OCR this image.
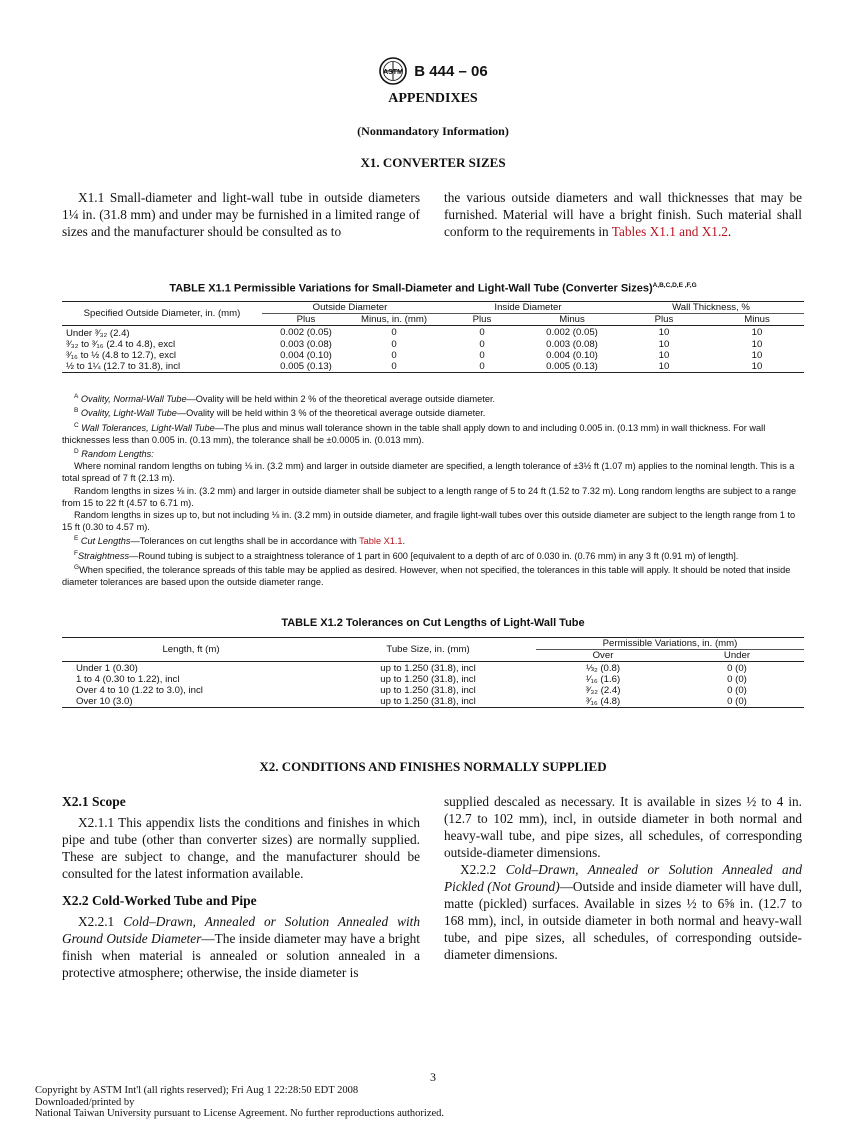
ASTM B 444 – 06
APPENDIXES
(Nonmandatory Information)
X1. CONVERTER SIZES

X1.1 Small-diameter and light-wall tube in outside diameters 1¼ in. (31.8 mm) and under may be furnished in a limited range of sizes and the manufacturer should be consulted as to

the various outside diameters and wall thicknesses that may be furnished. Material will have a bright finish. Such material shall conform to the requirements in Tables X1.1 and X1.2.

TABLE X1.1 Permissible Variations for Small-Diameter and Light-Wall Tube (Converter Sizes)$^{A,B,C,D,E ,F,G}$
Specified Outside Diameter, in. (mm)	Outside Diameter		Inside Diameter		Wall Thickness, %	
	Plus	Minus, in. (mm)	Plus	Minus	Plus	Minus
Under ³⁄₃₂ (2.4)	0.002 (0.05)	0	0	0.002 (0.05)	10	10
³⁄₃₂ to ³⁄₁₆ (2.4 to 4.8), excl	0.003 (0.08)	0	0	0.003 (0.08)	10	10
³⁄₁₆ to ½ (4.8 to 12.7), excl	0.004 (0.10)	0	0	0.004 (0.10)	10	10
½ to 1¼ (12.7 to 31.8), incl	0.005 (0.13)	0	0	0.005 (0.13)	10	10

$^A$ Ovality, Normal-Wall Tube—Ovality will be held within 2 % of the theoretical average outside diameter.

$^B$ Ovality, Light-Wall Tube—Ovality will be held within 3 % of the theoretical average outside diameter.

$^C$ Wall Tolerances, Light-Wall Tube—The plus and minus wall tolerance shown in the table shall apply down to and including 0.005 in. (0.13 mm) in wall thickness. For wall thicknesses less than 0.005 in. (0.13 mm), the tolerance shall be ±0.0005 in. (0.013 mm).

$^D$ Random Lengths:

Where nominal random lengths on tubing ⅛ in. (3.2 mm) and larger in outside diameter are specified, a length tolerance of ±3½ ft (1.07 m) applies to the nominal length. This is a total spread of 7 ft (2.13 m).

Random lengths in sizes ⅛ in. (3.2 mm) and larger in outside diameter shall be subject to a length range of 5 to 24 ft (1.52 to 7.32 m). Long random lengths are subject to a range from 15 to 22 ft (4.57 to 6.71 m).

Random lengths in sizes up to, but not including ⅛ in. (3.2 mm) in outside diameter, and fragile light-wall tubes over this outside diameter are subject to the length range from 1 to 15 ft (0.30 to 4.57 m).

$^E$ Cut Lengths—Tolerances on cut lengths shall be in accordance with Table X1.1.

$^F$Straightness—Round tubing is subject to a straightness tolerance of 1 part in 600 [equivalent to a depth of arc of 0.030 in. (0.76 mm) in any 3 ft (0.91 m) of length].

$^G$When specified, the tolerance spreads of this table may be applied as desired. However, when not specified, the tolerances in this table will apply. It should be noted that inside diameter tolerances are based upon the outside diameter range.

TABLE X1.2 Tolerances on Cut Lengths of Light-Wall Tube
Length, ft (m)	Tube Size, in. (mm)	Permissible Variations, in. (mm)	
		Over	Under
Under 1 (0.30)	up to 1.250 (31.8), incl	⅓₂ (0.8)	0 (0)
1 to 4 (0.30 to 1.22), incl	up to 1.250 (31.8), incl	¹⁄₁₆ (1.6)	0 (0)
Over 4 to 10 (1.22 to 3.0), incl	up to 1.250 (31.8), incl	³⁄₃₂ (2.4)	0 (0)
Over 10 (3.0)	up to 1.250 (31.8), incl	³⁄₁₆ (4.8)	0 (0)
X2. CONDITIONS AND FINISHES NORMALLY SUPPLIED
X2.1 Scope

X2.1.1 This appendix lists the conditions and finishes in which pipe and tube (other than converter sizes) are normally supplied. These are subject to change, and the manufacturer should be consulted for the latest information available.

X2.2 Cold-Worked Tube and Pipe

X2.2.1 Cold–Drawn, Annealed or Solution Annealed with Ground Outside Diameter—The inside diameter may have a bright finish when material is annealed or solution annealed in a protective atmosphere; otherwise, the inside diameter is

supplied descaled as necessary. It is available in sizes ½ to 4 in. (12.7 to 102 mm), incl, in outside diameter in both normal and heavy-wall tube, and pipe sizes, all schedules, of corresponding outside-diameter dimensions.

X2.2.2 Cold–Drawn, Annealed or Solution Annealed and Pickled (Not Ground)—Outside and inside diameter will have dull, matte (pickled) surfaces. Available in sizes ½ to 6⅝ in. (12.7 to 168 mm), incl, in outside diameter in both normal and heavy-wall tube, and pipe sizes, all schedules, of corresponding outside-diameter dimensions.

3
Copyright by ASTM Int'l (all rights reserved); Fri Aug 1 22:28:50 EDT 2008
Downloaded/printed by
National Taiwan University pursuant to License Agreement. No further reproductions authorized.
